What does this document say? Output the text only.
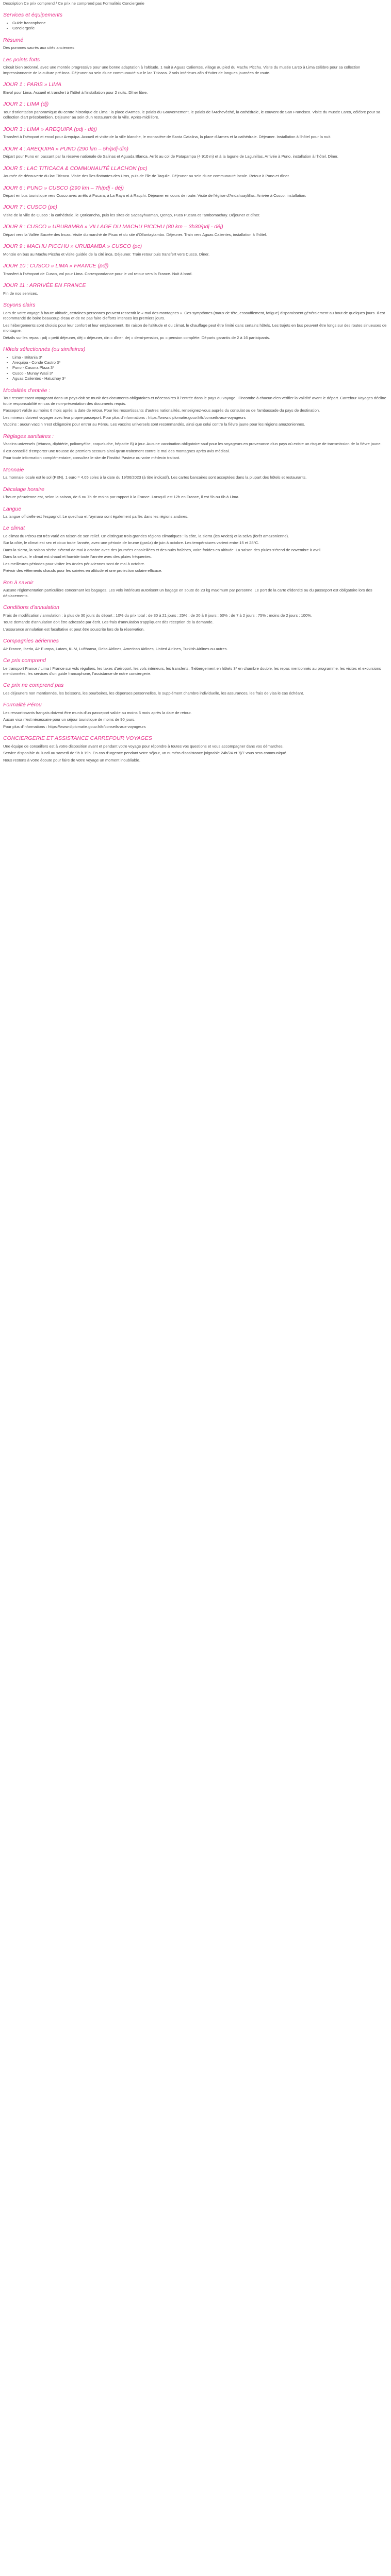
Description Ce prix comprend / Ce prix ne comprend pas Formalités Conciergerie

Services et équipements
• Guide francophone
• Conciergerie
Résumé

Des pommes sacrés aux cités anciennes

Les points forts

Circuit bien ordonné, avec une montée progressive pour une bonne adaptation à l'altitude. 1 nuit à Aguas Calientes, village au pied du Machu Picchu. Visite du musée Larco à Lima célèbre pour sa collection impressionnante de la culture pré-inca. Déjeuner au sein d'une communauté sur le lac Titicaca. 2 vols intérieurs afin d'éviter de longues journées de route.

JOUR 1 : PARIS » LIMA

Envol pour Lima. Accueil et transfert à l'hôtel à l'installation pour 2 nuits. Dîner libre.

JOUR 2 : LIMA (dj)

Tour d'orientation panoramique du centre historique de Lima : la place d'Armes, le palais du Gouvernement, le palais de l'Archevêché, la cathédrale, le couvent de San Francisco. Visite du musée Larco, célèbre pour sa collection d'art précolombien. Déjeuner au sein d'un restaurant de la ville. Après-midi libre.

JOUR 3 : LIMA » AREQUIPA (pdj - déj)

Transfert à l'aéroport et envol pour Arequipa. Accueil et visite de la ville blanche, le monastère de Santa Catalina, la place d'Armes et la cathédrale. Déjeuner. Installation à l'hôtel pour la nuit.

JOUR 4 : AREQUIPA » PUNO (290 km – 5h/pdj-din)

Départ pour Puno en passant par la réserve nationale de Salinas et Aguada Blanca. Arrêt au col de Patapampa (4 910 m) et à la lagune de Lagunillas. Arrivée à Puno, installation à l'hôtel. Dîner.

JOUR 5 : LAC TITICACA & COMMUNAUTÉ LLACHON (pc)

Journée de découverte du lac Titicaca. Visite des îles flottantes des Uros, puis de l'île de Taquile. Déjeuner au sein d'une communauté locale. Retour à Puno et dîner.

JOUR 6 : PUNO » CUSCO (290 km – 7h/pdj - déj)

Départ en bus touristique vers Cusco avec arrêts à Pucara, à La Raya et à Raqchi. Déjeuner en cours de route. Visite de l'église d'Andahuaylillas. Arrivée à Cusco, installation.

JOUR 7 : CUSCO (pc)

Visite de la ville de Cusco : la cathédrale, le Qoricancha, puis les sites de Sacsayhuaman, Qenqo, Puca Pucara et Tambomachay. Déjeuner et dîner.

JOUR 8 : CUSCO » URUBAMBA » VILLAGE DU MACHU PICCHU (80 km – 3h30/pdj - déj)

Départ vers la Vallée Sacrée des Incas. Visite du marché de Pisac et du site d'Ollantaytambo. Déjeuner. Train vers Aguas Calientes, installation à l'hôtel.

JOUR 9 : MACHU PICCHU » URUBAMBA » CUSCO (pc)

Montée en bus au Machu Picchu et visite guidée de la cité inca. Déjeuner. Train retour puis transfert vers Cusco. Dîner.

JOUR 10 : CUSCO » LIMA » FRANCE (pdj)

Transfert à l'aéroport de Cusco, vol pour Lima. Correspondance pour le vol retour vers la France. Nuit à bord.

JOUR 11 : ARRIVÉE EN FRANCE

Fin de nos services.

Soyons clairs

Lors de votre voyage à haute altitude, certaines personnes peuvent ressentir le « mal des montagnes ». Ces symptômes (maux de tête, essoufflement, fatigue) disparaissent généralement au bout de quelques jours. Il est recommandé de boire beaucoup d'eau et de ne pas faire d'efforts intenses les premiers jours.

Les hébergements sont choisis pour leur confort et leur emplacement. En raison de l'altitude et du climat, le chauffage peut être limité dans certains hôtels. Les trajets en bus peuvent être longs sur des routes sinueuses de montagne.

Détails sur les repas : pdj = petit déjeuner, déj = déjeuner, din = dîner, dej = demi-pension, pc = pension complète. Départs garantis de 2 à 16 participants.

Hôtels sélectionnés (ou similaires)
• Lima - Britania 3*
• Arequipa - Conde Castro 3*
• Puno - Casona Plaza 3*
• Cusco - Munay Wasi 3*
• Aguas Calientes - Hatuchay 3*
Modalités d'entrée :

Tout ressortissant voyageant dans un pays doit se munir des documents obligatoires et nécessaires à l'entrée dans le pays du voyage. Il incombe à chacun d'en vérifier la validité avant le départ. Carrefour Voyages décline toute responsabilité en cas de non-présentation des documents requis.

Passeport valide au moins 6 mois après la date de retour. Pour les ressortissants d'autres nationalités, renseignez-vous auprès du consulat ou de l'ambassade du pays de destination.

Les mineurs doivent voyager avec leur propre passeport. Pour plus d'informations : https://www.diplomatie.gouv.fr/fr/conseils-aux-voyageurs

Vaccins : aucun vaccin n'est obligatoire pour entrer au Pérou. Les vaccins universels sont recommandés, ainsi que celui contre la fièvre jaune pour les régions amazoniennes.

Réglages sanitaires :

Vaccins universels (tétanos, diphtérie, poliomyélite, coqueluche, hépatite B) à jour. Aucune vaccination obligatoire sauf pour les voyageurs en provenance d'un pays où existe un risque de transmission de la fièvre jaune.

Il est conseillé d'emporter une trousse de premiers secours ainsi qu'un traitement contre le mal des montagnes après avis médical.

Pour toute information complémentaire, consultez le site de l'Institut Pasteur ou votre médecin traitant.

Monnaie

La monnaie locale est le sol (PEN). 1 euro = 4,05 soles à la date du 19/06/2023 (à titre indicatif). Les cartes bancaires sont acceptées dans la plupart des hôtels et restaurants.

Décalage horaire

L'heure péruvienne est, selon la saison, de 6 ou 7h de moins par rapport à la France. Lorsqu'il est 12h en France, il est 5h ou 6h à Lima.

Langue

La langue officielle est l'espagnol. Le quechua et l'aymara sont également parlés dans les régions andines.

Le climat

Le climat du Pérou est très varié en raison de son relief. On distingue trois grandes régions climatiques : la côte, la sierra (les Andes) et la selva (forêt amazonienne).

Sur la côte, le climat est sec et doux toute l'année, avec une période de brume (garúa) de juin à octobre. Les températures varient entre 15 et 28°C.

Dans la sierra, la saison sèche s'étend de mai à octobre avec des journées ensoleillées et des nuits fraîches, voire froides en altitude. La saison des pluies s'étend de novembre à avril.

Dans la selva, le climat est chaud et humide toute l'année avec des pluies fréquentes.

Les meilleures périodes pour visiter les Andes péruviennes sont de mai à octobre.

Prévoir des vêtements chauds pour les soirées en altitude et une protection solaire efficace.

Bon à savoir

Aucune réglementation particulière concernant les bagages. Les vols intérieurs autorisent un bagage en soute de 23 kg maximum par personne. Le port de la carte d'identité ou du passeport est obligatoire lors des déplacements.

Conditions d'annulation

Frais de modification / annulation : à plus de 30 jours du départ : 10% du prix total ; de 30 à 21 jours : 25% ; de 20 à 8 jours : 50% ; de 7 à 2 jours : 75% ; moins de 2 jours : 100%.

Toute demande d'annulation doit être adressée par écrit. Les frais d'annulation s'appliquent dès réception de la demande.

L'assurance annulation est facultative et peut être souscrite lors de la réservation.

Compagnies aériennes

Air France, Iberia, Air Europa, Latam, KLM, Lufthansa, Delta Airlines, American Airlines, United Airlines, Turkish Airlines ou autres.

Ce prix comprend

Le transport France / Lima / France sur vols réguliers, les taxes d'aéroport, les vols intérieurs, les transferts, l'hébergement en hôtels 3* en chambre double, les repas mentionnés au programme, les visites et excursions mentionnées, les services d'un guide francophone, l'assistance de notre conciergerie.

Ce prix ne comprend pas

Les déjeuners non mentionnés, les boissons, les pourboires, les dépenses personnelles, le supplément chambre individuelle, les assurances, les frais de visa le cas échéant.

Formalité Pérou

Les ressortissants français doivent être munis d'un passeport valide au moins 6 mois après la date de retour.

Aucun visa n'est nécessaire pour un séjour touristique de moins de 90 jours.

Pour plus d'informations : https://www.diplomatie.gouv.fr/fr/conseils-aux-voyageurs

CONCIERGERIE ET ASSISTANCE CARREFOUR VOYAGES

Une équipe de conseillers est à votre disposition avant et pendant votre voyage pour répondre à toutes vos questions et vous accompagner dans vos démarches.

Service disponible du lundi au samedi de 9h à 19h. En cas d'urgence pendant votre séjour, un numéro d'assistance joignable 24h/24 et 7j/7 vous sera communiqué.

Nous restons à votre écoute pour faire de votre voyage un moment inoubliable.
